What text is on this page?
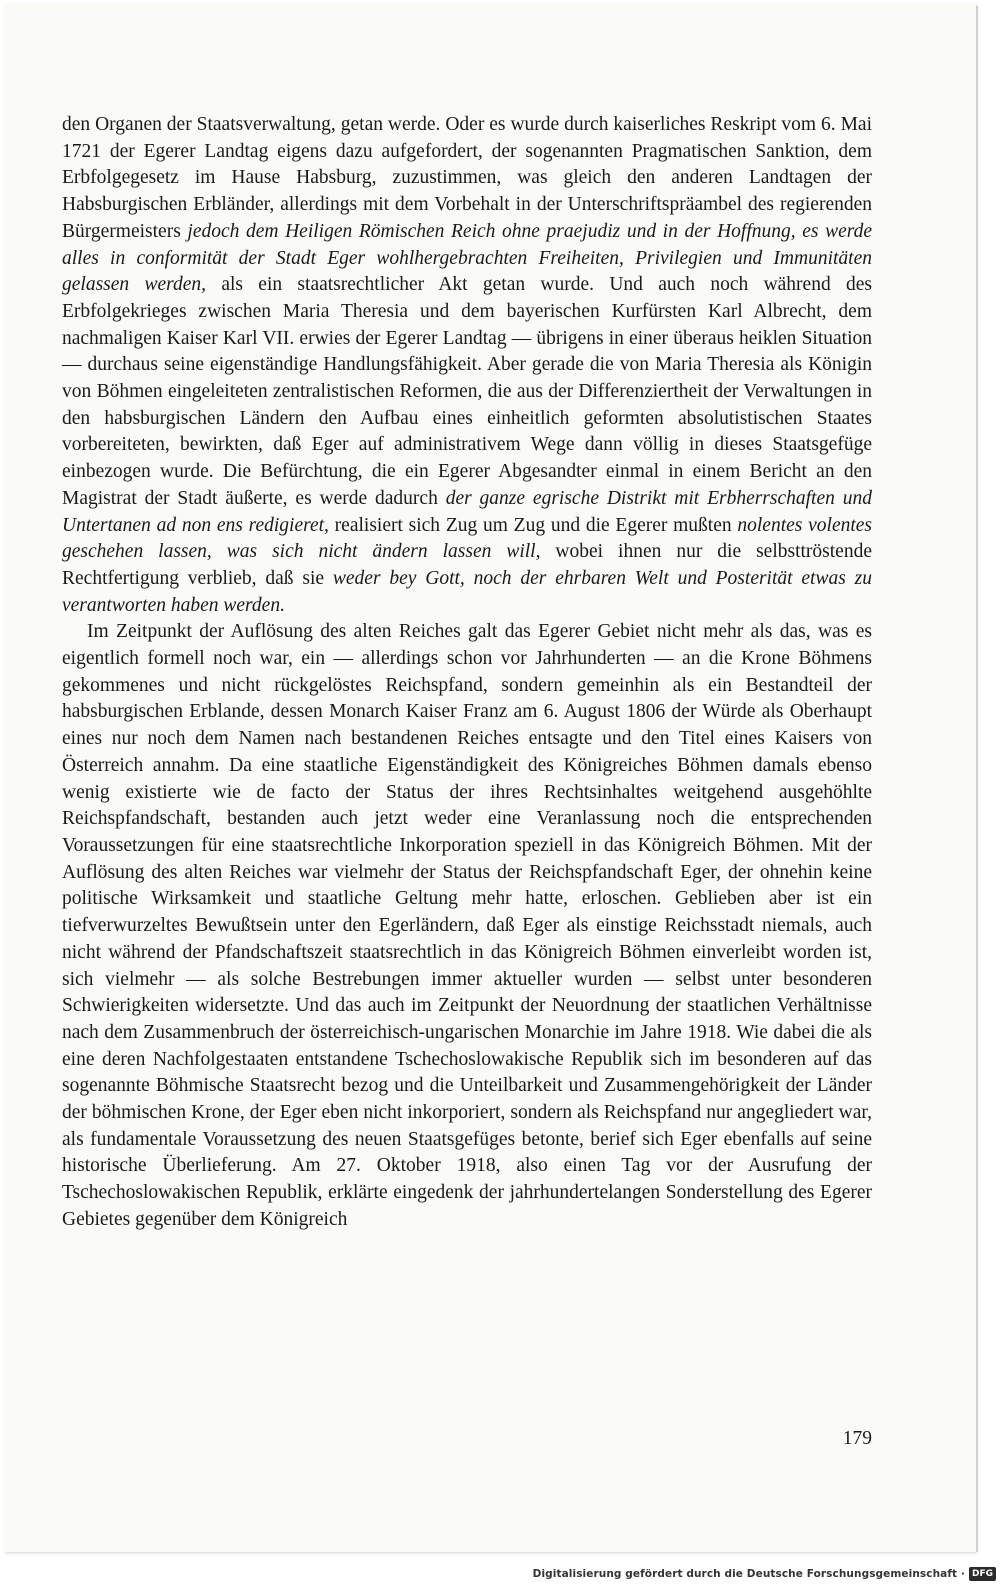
den Organen der Staatsverwaltung, getan werde. Oder es wurde durch kaiserliches Reskript vom 6. Mai 1721 der Egerer Landtag eigens dazu aufgefordert, der sogenannten Pragmatischen Sanktion, dem Erbfolgegesetz im Hause Habsburg, zuzustimmen, was gleich den anderen Landtagen der Habsburgischen Erbländer, allerdings mit dem Vorbehalt in der Unterschriftspräambel des regierenden Bürgermeisters jedoch dem Heiligen Römischen Reich ohne praejudiz und in der Hoffnung, es werde alles in conformität der Stadt Eger wohlhergebrachten Freiheiten, Privilegien und Immunitäten gelassen werden, als ein staatsrechtlicher Akt getan wurde. Und auch noch während des Erbfolgekrieges zwischen Maria Theresia und dem bayerischen Kurfürsten Karl Albrecht, dem nachmaligen Kaiser Karl VII. erwies der Egerer Landtag — übrigens in einer überaus heiklen Situation — durchaus seine eigenständige Handlungsfähigkeit. Aber gerade die von Maria Theresia als Königin von Böhmen eingeleiteten zentralistischen Reformen, die aus der Differenziertheit der Verwaltungen in den habsburgischen Ländern den Aufbau eines einheitlich geformten absolutistischen Staates vorbereiteten, bewirkten, daß Eger auf administrativem Wege dann völlig in dieses Staatsgefüge einbezogen wurde. Die Befürchtung, die ein Egerer Abgesandter einmal in einem Bericht an den Magistrat der Stadt äußerte, es werde dadurch der ganze egrische Distrikt mit Erbherrschaften und Untertanen ad non ens redigieret, realisiert sich Zug um Zug und die Egerer mußten nolentes volentes geschehen lassen, was sich nicht ändern lassen will, wobei ihnen nur die selbsttröstende Rechtfertigung verblieb, daß sie weder bey Gott, noch der ehrbaren Welt und Posterität etwas zu verantworten haben werden.

Im Zeitpunkt der Auflösung des alten Reiches galt das Egerer Gebiet nicht mehr als das, was es eigentlich formell noch war, ein — allerdings schon vor Jahrhunderten — an die Krone Böhmens gekommenes und nicht rückgelöstes Reichspfand, sondern gemeinhin als ein Bestandteil der habsburgischen Erblande, dessen Monarch Kaiser Franz am 6. August 1806 der Würde als Oberhaupt eines nur noch dem Namen nach bestandenen Reiches entsagte und den Titel eines Kaisers von Österreich annahm. Da eine staatliche Eigenständigkeit des Königreiches Böhmen damals ebenso wenig existierte wie de facto der Status der ihres Rechtsinhaltes weitgehend ausgehöhlte Reichspfandschaft, bestanden auch jetzt weder eine Veranlassung noch die entsprechenden Voraussetzungen für eine staatsrechtliche Inkorporation speziell in das Königreich Böhmen. Mit der Auflösung des alten Reiches war vielmehr der Status der Reichspfandschaft Eger, der ohnehin keine politische Wirksamkeit und staatliche Geltung mehr hatte, erloschen. Geblieben aber ist ein tiefverwurzeltes Bewußtsein unter den Egerländern, daß Eger als einstige Reichsstadt niemals, auch nicht während der Pfandschaftszeit staatsrechtlich in das Königreich Böhmen einverleibt worden ist, sich vielmehr — als solche Bestrebungen immer aktueller wurden — selbst unter besonderen Schwierigkeiten widersetzte. Und das auch im Zeitpunkt der Neuordnung der staatlichen Verhältnisse nach dem Zusammenbruch der österreichisch-ungarischen Monarchie im Jahre 1918. Wie dabei die als eine deren Nachfolgestaaten entstandene Tschechoslowakische Republik sich im besonderen auf das sogenannte Böhmische Staatsrecht bezog und die Unteilbarkeit und Zusammengehörigkeit der Länder der böhmischen Krone, der Eger eben nicht inkorporiert, sondern als Reichspfand nur angegliedert war, als fundamentale Voraussetzung des neuen Staatsgefüges betonte, berief sich Eger ebenfalls auf seine historische Überlieferung. Am 27. Oktober 1918, also einen Tag vor der Ausrufung der Tschechoslowakischen Republik, erklärte eingedenk der jahrhundertelangen Sonderstellung des Egerer Gebietes gegenüber dem Königreich

179
Digitalisierung gefördert durch die Deutsche Forschungsgemeinschaft · DFG
